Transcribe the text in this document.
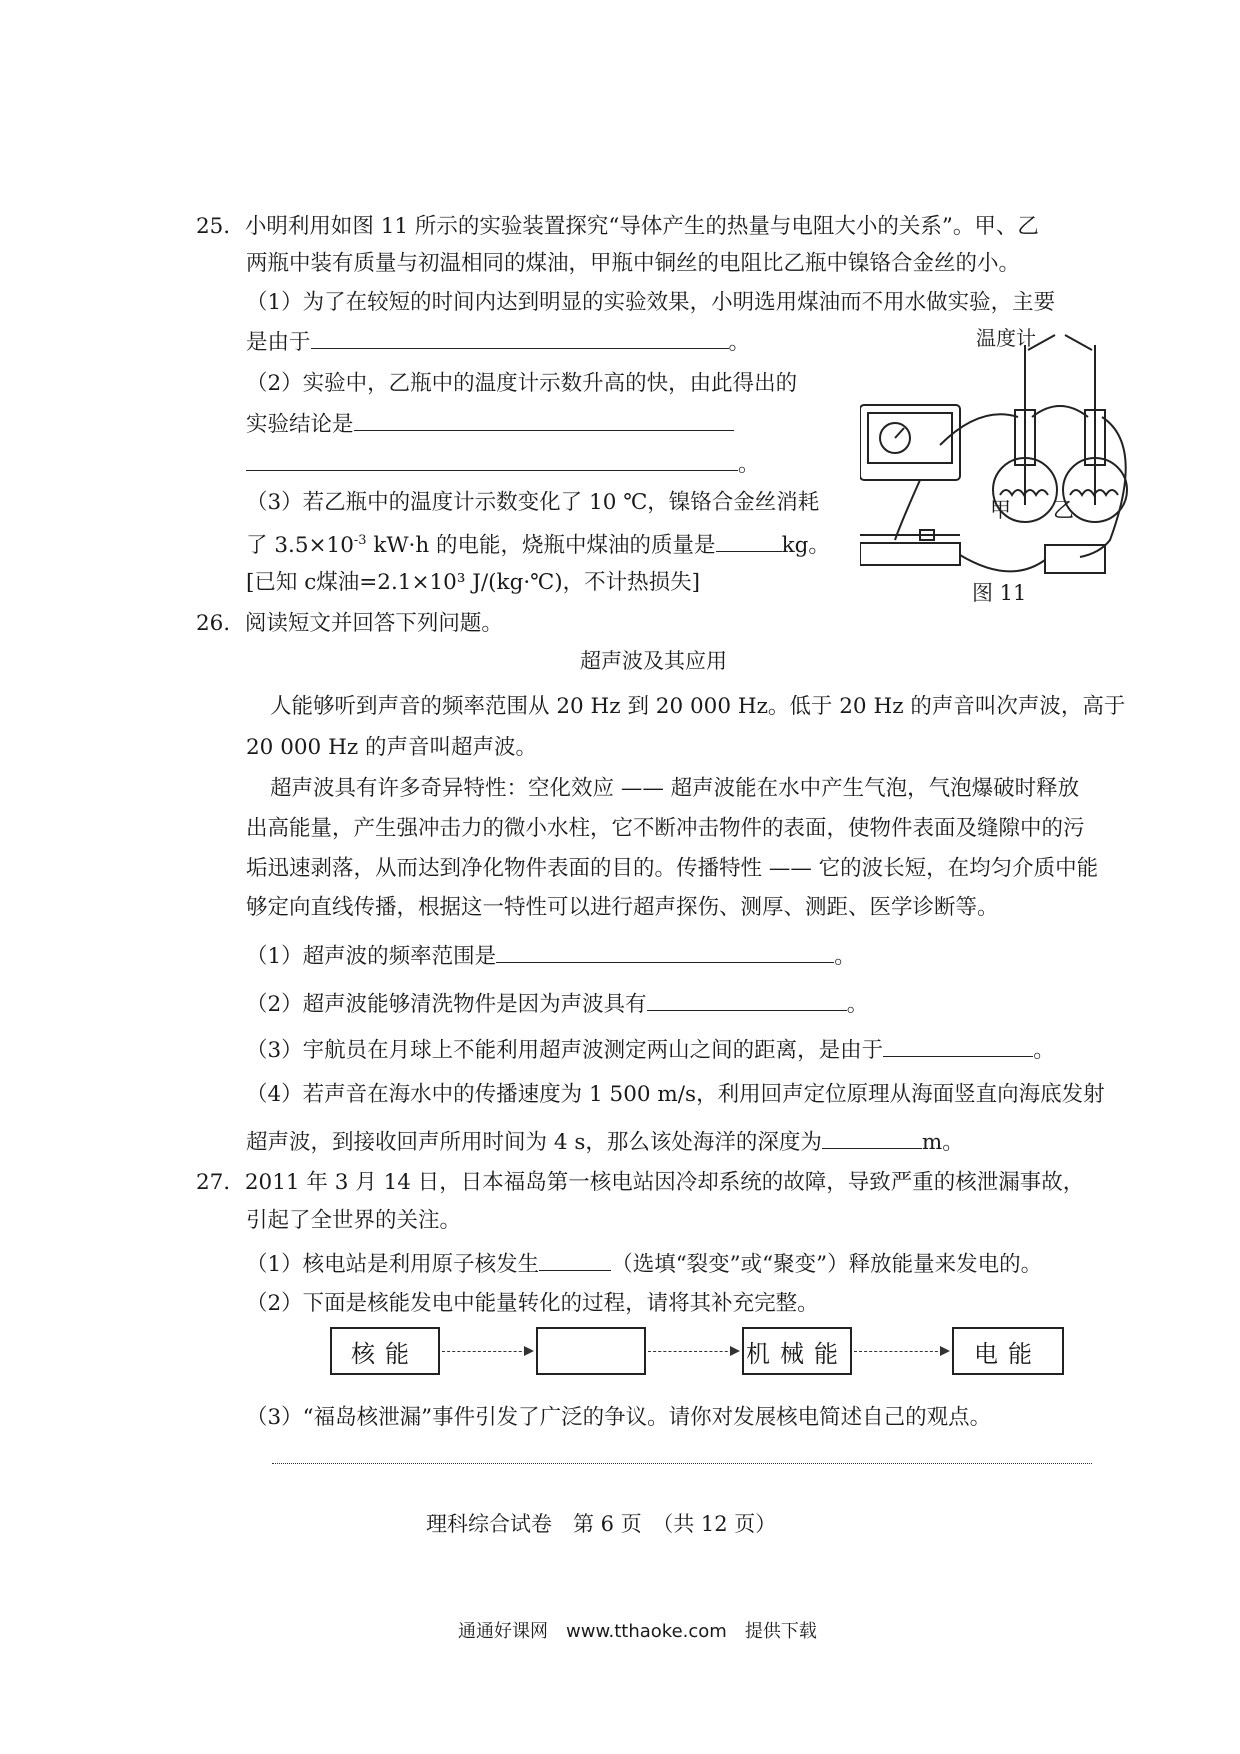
25．小明利用如图 11 所示的实验装置探究“导体产生的热量与电阻大小的关系”。甲、乙
两瓶中装有质量与初温相同的煤油，甲瓶中铜丝的电阻比乙瓶中镍铬合金丝的小。
（1）为了在较短的时间内达到明显的实验效果，小明选用煤油而不用水做实验，主要
是由于	。
（2）实验中，乙瓶中的温度计示数升高的快，由此得出的
实验结论是
。
（3）若乙瓶中的温度计示数变化了 10 ℃，镍铬合金丝消耗
了 $3.5\times 10^{-3}$ kW·h 的电能，烧瓶中煤油的质量是	kg。
[已知 c煤油=2.1×10³ J/(kg·℃)，不计热损失]
温度计
甲 乙
图 11
26．阅读短文并回答下列问题。
超声波及其应用
人能够听到声音的频率范围从 20 Hz 到 20 000 Hz。低于 20 Hz 的声音叫次声波，高于
20 000 Hz 的声音叫超声波。
超声波具有许多奇异特性：空化效应 —— 超声波能在水中产生气泡，气泡爆破时释放
出高能量，产生强冲击力的微小水柱，它不断冲击物件的表面，使物件表面及缝隙中的污
垢迅速剥落，从而达到净化物件表面的目的。传播特性 —— 它的波长短，在均匀介质中能
够定向直线传播，根据这一特性可以进行超声探伤、测厚、测距、医学诊断等。
（1）超声波的频率范围是	。
（2）超声波能够清洗物件是因为声波具有	。
（3）宇航员在月球上不能利用超声波测定两山之间的距离，是由于	。
（4）若声音在海水中的传播速度为 1 500 m/s，利用回声定位原理从海面竖直向海底发射
超声波，到接收回声所用时间为 4 s，那么该处海洋的深度为	m。
27．2011 年 3 月 14 日，日本福岛第一核电站因冷却系统的故障，导致严重的核泄漏事故，
引起了全世界的关注。
（1）核电站是利用原子核发生	（选填“裂变”或“聚变”）释放能量来发电的。
（2）下面是核能发电中能量转化的过程，请将其补充完整。
核能	机械能	电能
（3）“福岛核泄漏”事件引发了广泛的争议。请你对发展核电简述自己的观点。
理科综合试卷　第 6 页　（共 12 页）
通通好课网　www.tthaoke.com　提供下载
